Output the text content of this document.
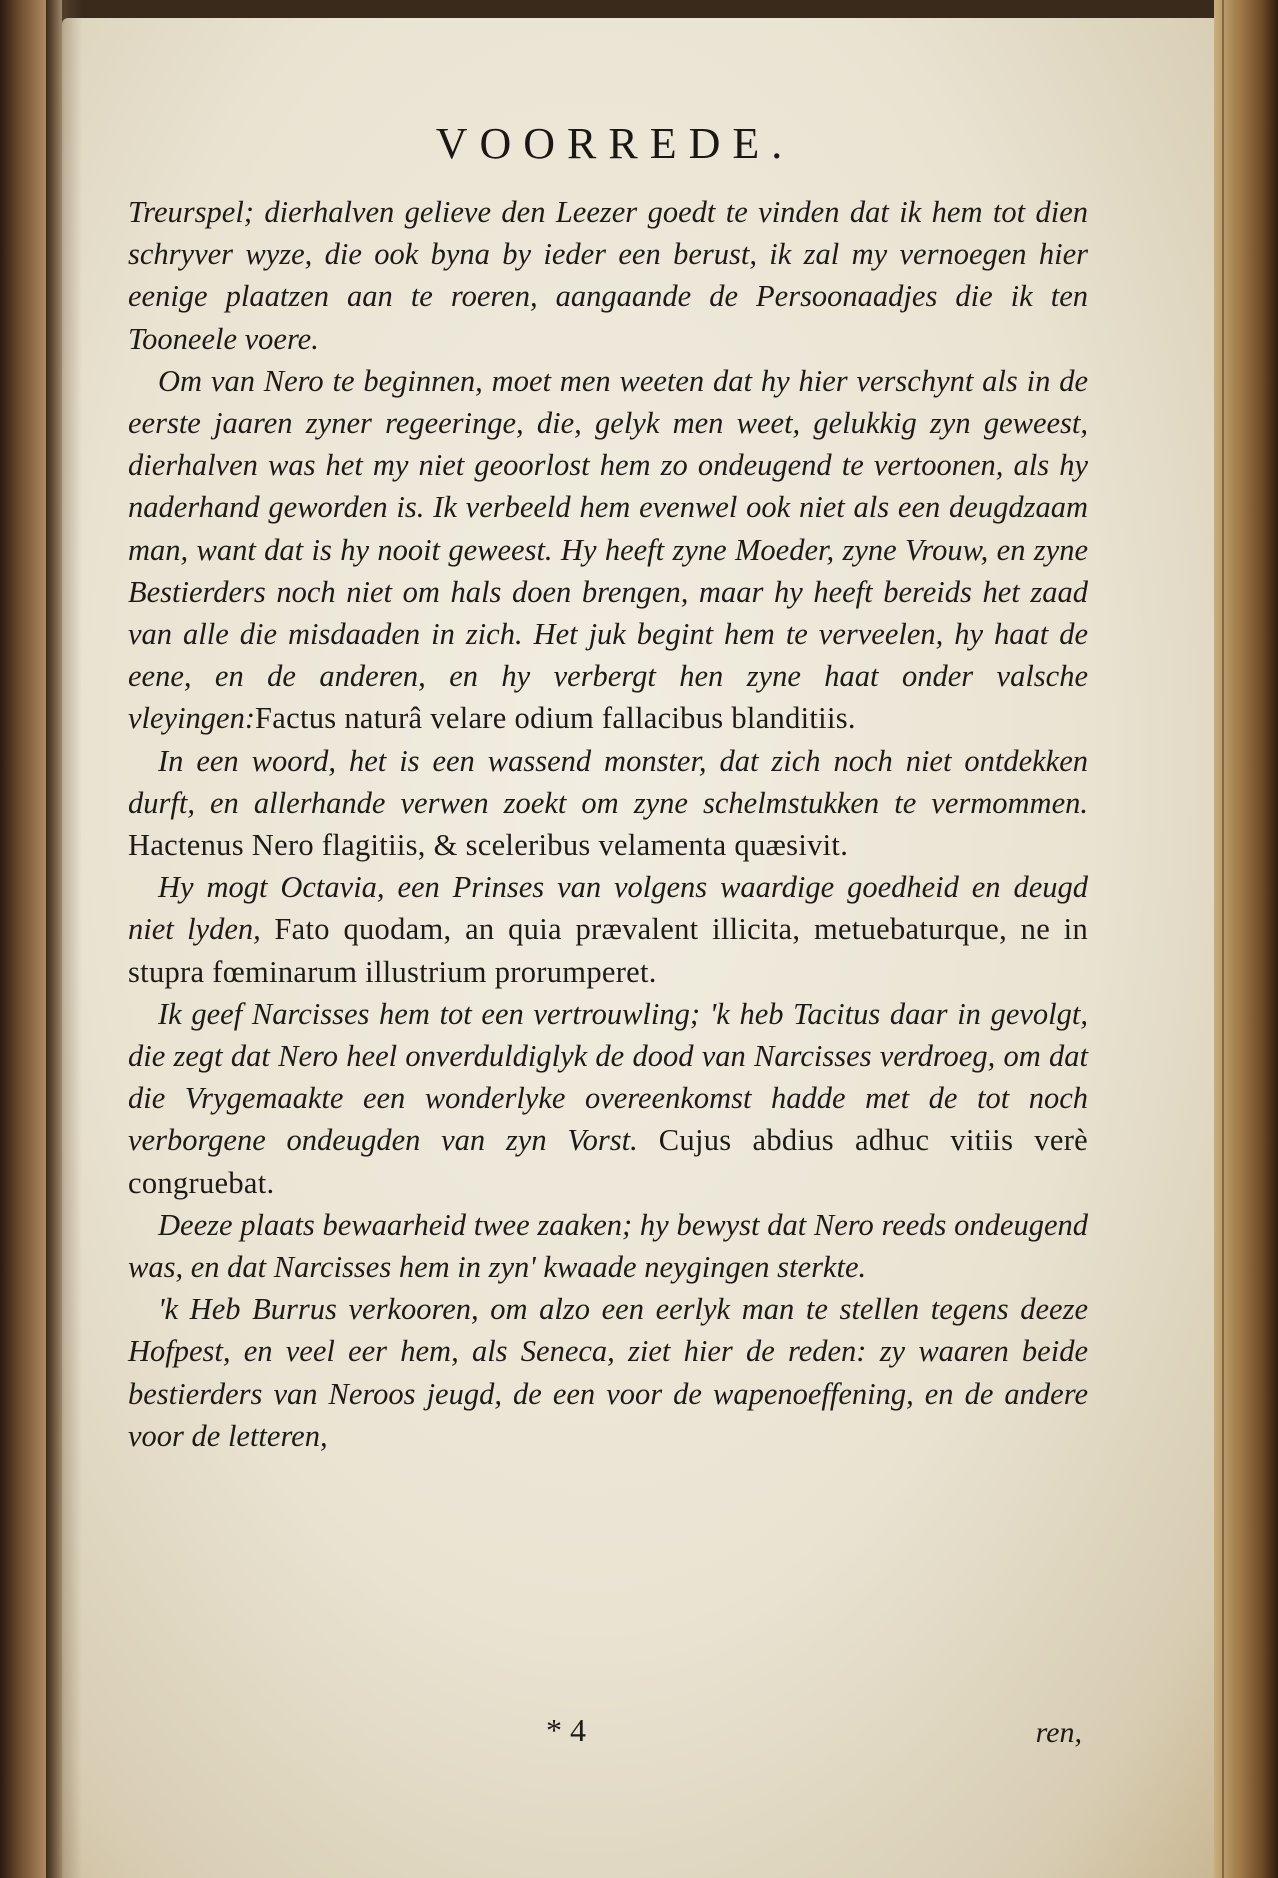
VOORREDE.

Treurspel; dierhalven gelieve den Leezer goedt te vinden dat ik hem tot dien schryver wyze, die ook byna by ieder een berust, ik zal my vernoegen hier eenige plaatzen aan te roeren, aangaande de Persoonaadjes die ik ten Tooneele voere.

Om van Nero te beginnen, moet men weeten dat hy hier verschynt als in de eerste jaaren zyner regeeringe, die, gelyk men weet, gelukkig zyn geweest, dierhalven was het my niet geoorlost hem zo ondeugend te vertoonen, als hy naderhand geworden is. Ik verbeeld hem evenwel ook niet als een deugdzaam man, want dat is hy nooit geweest. Hy heeft zyne Moeder, zyne Vrouw, en zyne Bestierders noch niet om hals doen brengen, maar hy heeft bereids het zaad van alle die misdaaden in zich. Het juk begint hem te verveelen, hy haat de eene, en de anderen, en hy verbergt hen zyne haat onder valsche vleyingen:Factus naturâ velare odium fallacibus blanditiis.

In een woord, het is een wassend monster, dat zich noch niet ontdekken durft, en allerhande verwen zoekt om zyne schelmstukken te vermommen. Hactenus Nero flagitiis, & sceleribus velamenta quæsivit.

Hy mogt Octavia, een Prinses van volgens waardige goedheid en deugd niet lyden, Fato quodam, an quia prævalent illicita, metuebaturque, ne in stupra fœminarum illustrium prorumperet.

Ik geef Narcisses hem tot een vertrouwling; 'k heb Tacitus daar in gevolgt, die zegt dat Nero heel onverduldiglyk de dood van Narcisses verdroeg, om dat die Vrygemaakte een wonderlyke overeenkomst hadde met de tot noch verborgene ondeugden van zyn Vorst. Cujus abdius adhuc vitiis verè congruebat.

Deeze plaats bewaarheid twee zaaken; hy bewyst dat Nero reeds ondeugend was, en dat Narcisses hem in zyn' kwaade neygingen sterkte.

'k Heb Burrus verkooren, om alzo een eerlyk man te stellen tegens deeze Hofpest, en veel eer hem, als Seneca, ziet hier de reden: zy waaren beide bestierders van Neroos jeugd, de een voor de wapenoeffening, en de andere voor de letteren,

* 4	ren,
